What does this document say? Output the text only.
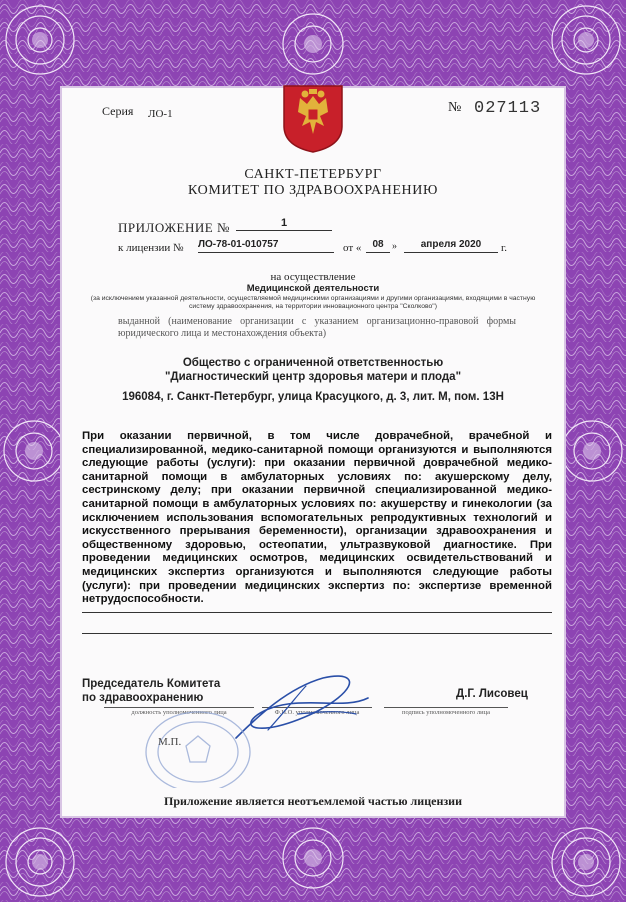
Серия ЛО-1	№ 027113
САНКТ-ПЕТЕРБУРГ
КОМИТЕТ ПО ЗДРАВООХРАНЕНИЮ
ПРИЛОЖЕНИЕ №	1
к лицензии № ЛО-78-01-010757	от «	08 »	апреля 2020	г.
на осуществление
Медицинской деятельности
(за исключением указанной деятельности, осуществляемой медицинскими организациями и другими организациями, входящими в частную систему здравоохранения, на территории инновационного центра "Сколково")
выданной (наименование организации с указанием организационно-правовой формы юридического лица и местонахождения объекта)
Общество с ограниченной ответственностью
"Диагностический центр здоровья матери и плода"
196084, г. Санкт-Петербург, улица Красуцкого, д. 3, лит. М, пом. 13Н
При оказании первичной, в том числе доврачебной, врачебной и специализированной, медико-санитарной помощи организуются и выполняются следующие работы (услуги): при оказании первичной доврачебной медико-санитарной помощи в амбулаторных условиях по: акушерскому делу, сестринскому делу; при оказании первичной специализированной медико-санитарной помощи в амбулаторных условиях по: акушерству и гинекологии (за исключением использования вспомогательных репродуктивных технологий и искусственного прерывания беременности), организации здравоохранения и общественному здоровью, остеопатии, ультразвуковой диагностике. При проведении медицинских осмотров, медицинских освидетельствований и медицинских экспертиз организуются и выполняются следующие работы (услуги): при проведении медицинских экспертиз по: экспертизе временной нетрудоспособности.
Председатель Комитета
по здравоохранению	Д.Г. Лисовец
должность уполномоченного лица	Ф.И.О. уполномоченного лица	подпись уполномоченного лица
М.П.
Приложение является неотъемлемой частью лицензии
